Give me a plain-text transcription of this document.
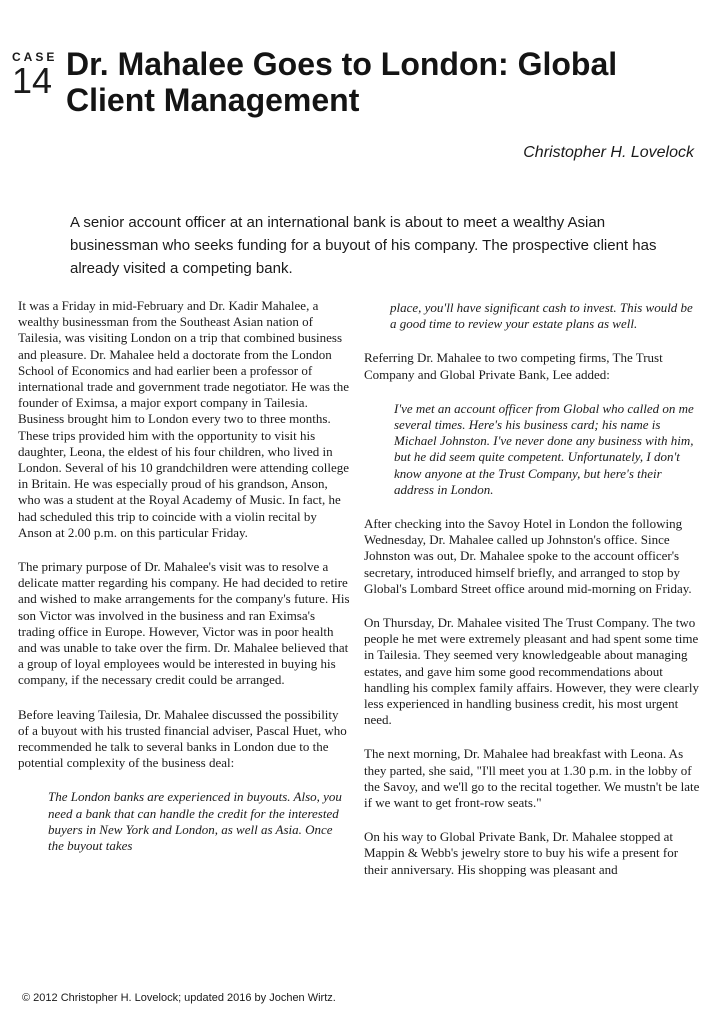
CASE
14 Dr. Mahalee Goes to London: Global Client Management
Christopher H. Lovelock

A senior account officer at an international bank is about to meet a wealthy Asian businessman who seeks funding for a buyout of his company. The prospective client has already visited a competing bank.

It was a Friday in mid-February and Dr. Kadir Mahalee, a wealthy businessman from the Southeast Asian nation of Tailesia, was visiting London on a trip that combined business and pleasure. Dr. Mahalee held a doctorate from the London School of Economics and had earlier been a professor of international trade and government trade negotiator. He was the founder of Eximsa, a major export company in Tailesia. Business brought him to London every two to three months. These trips provided him with the opportunity to visit his daughter, Leona, the eldest of his four children, who lived in London. Several of his 10 grandchildren were attending college in Britain. He was especially proud of his grandson, Anson, who was a student at the Royal Academy of Music. In fact, he had scheduled this trip to coincide with a violin recital by Anson at 2.00 p.m. on this particular Friday.

The primary purpose of Dr. Mahalee's visit was to resolve a delicate matter regarding his company. He had decided to retire and wished to make arrangements for the company's future. His son Victor was involved in the business and ran Eximsa's trading office in Europe. However, Victor was in poor health and was unable to take over the firm. Dr. Mahalee believed that a group of loyal employees would be interested in buying his company, if the necessary credit could be arranged.

Before leaving Tailesia, Dr. Mahalee discussed the possibility of a buyout with his trusted financial adviser, Pascal Huet, who recommended he talk to several banks in London due to the potential complexity of the business deal:

The London banks are experienced in buyouts. Also, you need a bank that can handle the credit for the interested buyers in New York and London, as well as Asia. Once the buyout takes

place, you'll have significant cash to invest. This would be a good time to review your estate plans as well.

Referring Dr. Mahalee to two competing firms, The Trust Company and Global Private Bank, Lee added:

I've met an account officer from Global who called on me several times. Here's his business card; his name is Michael Johnston. I've never done any business with him, but he did seem quite competent. Unfortunately, I don't know anyone at the Trust Company, but here's their address in London.

After checking into the Savoy Hotel in London the following Wednesday, Dr. Mahalee called up Johnston's office. Since Johnston was out, Dr. Mahalee spoke to the account officer's secretary, introduced himself briefly, and arranged to stop by Global's Lombard Street office around mid-morning on Friday.

On Thursday, Dr. Mahalee visited The Trust Company. The two people he met were extremely pleasant and had spent some time in Tailesia. They seemed very knowledgeable about managing estates, and gave him some good recommendations about handling his complex family affairs. However, they were clearly less experienced in handling business credit, his most urgent need.

The next morning, Dr. Mahalee had breakfast with Leona. As they parted, she said, "I'll meet you at 1.30 p.m. in the lobby of the Savoy, and we'll go to the recital together. We mustn't be late if we want to get front-row seats."

On his way to Global Private Bank, Dr. Mahalee stopped at Mappin & Webb's jewelry store to buy his wife a present for their anniversary. His shopping was pleasant and

© 2012 Christopher H. Lovelock; updated 2016 by Jochen Wirtz.
